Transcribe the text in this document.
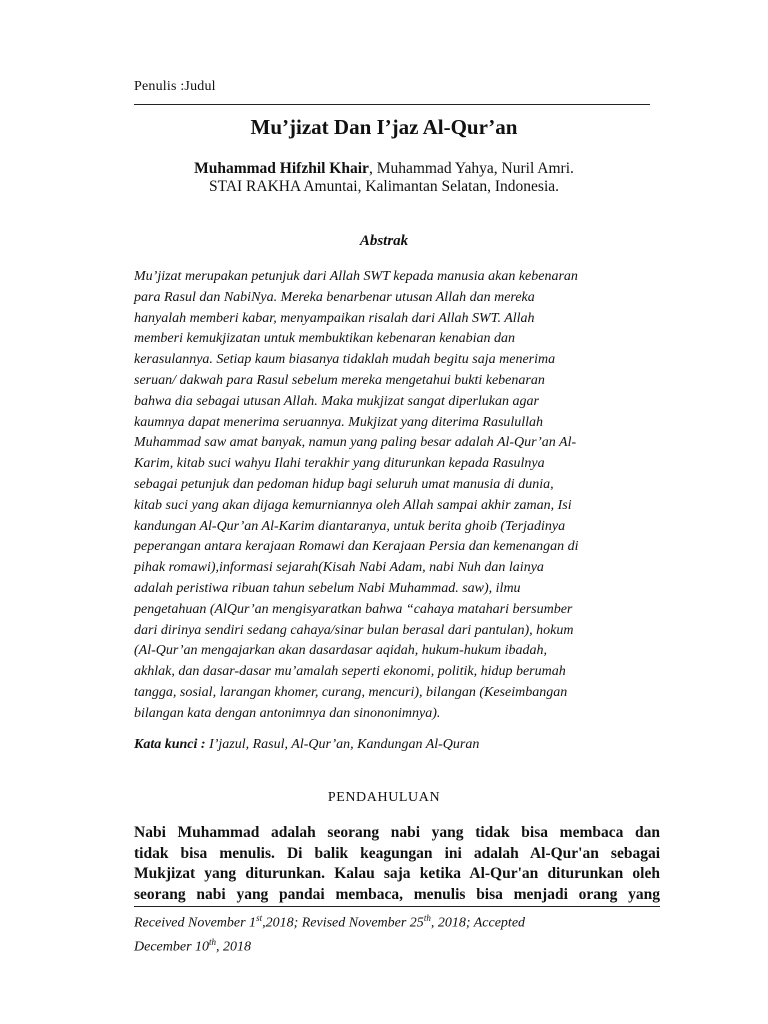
Penulis :Judul
Mu’jizat Dan I’jaz Al-Qur’an
Muhammad Hifzhil Khair, Muhammad Yahya, Nuril Amri.
STAI RAKHA Amuntai, Kalimantan Selatan, Indonesia.
Abstrak
Mu’jizat merupakan petunjuk dari Allah SWT kepada manusia akan kebenaran
para Rasul dan NabiNya. Mereka benarbenar utusan Allah dan mereka
hanyalah memberi kabar, menyampaikan risalah dari Allah SWT. Allah
memberi kemukjizatan untuk membuktikan kebenaran kenabian dan
kerasulannya. Setiap kaum biasanya tidaklah mudah begitu saja menerima
seruan/ dakwah para Rasul sebelum mereka mengetahui bukti kebenaran
bahwa dia sebagai utusan Allah. Maka mukjizat sangat diperlukan agar
kaumnya dapat menerima seruannya. Mukjizat yang diterima Rasulullah
Muhammad saw amat banyak, namun yang paling besar adalah Al-Qur’an Al-
Karim, kitab suci wahyu Ilahi terakhir yang diturunkan kepada Rasulnya
sebagai petunjuk dan pedoman hidup bagi seluruh umat manusia di dunia,
kitab suci yang akan dijaga kemurniannya oleh Allah sampai akhir zaman, Isi
kandungan Al-Qur’an Al-Karim diantaranya, untuk berita ghoib (Terjadinya
peperangan antara kerajaan Romawi dan Kerajaan Persia dan kemenangan di
pihak romawi),informasi sejarah(Kisah Nabi Adam, nabi Nuh dan lainya
adalah peristiwa ribuan tahun sebelum Nabi Muhammad. saw), ilmu
pengetahuan (AlQur’an mengisyaratkan bahwa “cahaya matahari bersumber
dari dirinya sendiri sedang cahaya/sinar bulan berasal dari pantulan), hokum
(Al-Qur’an mengajarkan akan dasardasar aqidah, hukum-hukum ibadah,
akhlak, dan dasar-dasar mu’amalah seperti ekonomi, politik, hidup berumah
tangga, sosial, larangan khomer, curang, mencuri), bilangan (Keseimbangan
bilangan kata dengan antonimnya dan sinononimnya).
Kata kunci : I’jazul, Rasul, Al-Qur’an, Kandungan Al-Quran
PENDAHULUAN
Nabi Muhammad adalah seorang nabi yang tidak bisa membaca dan
tidak bisa menulis. Di balik keagungan ini adalah Al-Qur'an sebagai
Mukjizat yang diturunkan. Kalau saja ketika Al-Qur'an diturunkan oleh
seorang nabi yang pandai membaca, menulis bisa menjadi orang yang
Received November 1st,2018; Revised November 25th, 2018; Accepted
December 10th, 2018
